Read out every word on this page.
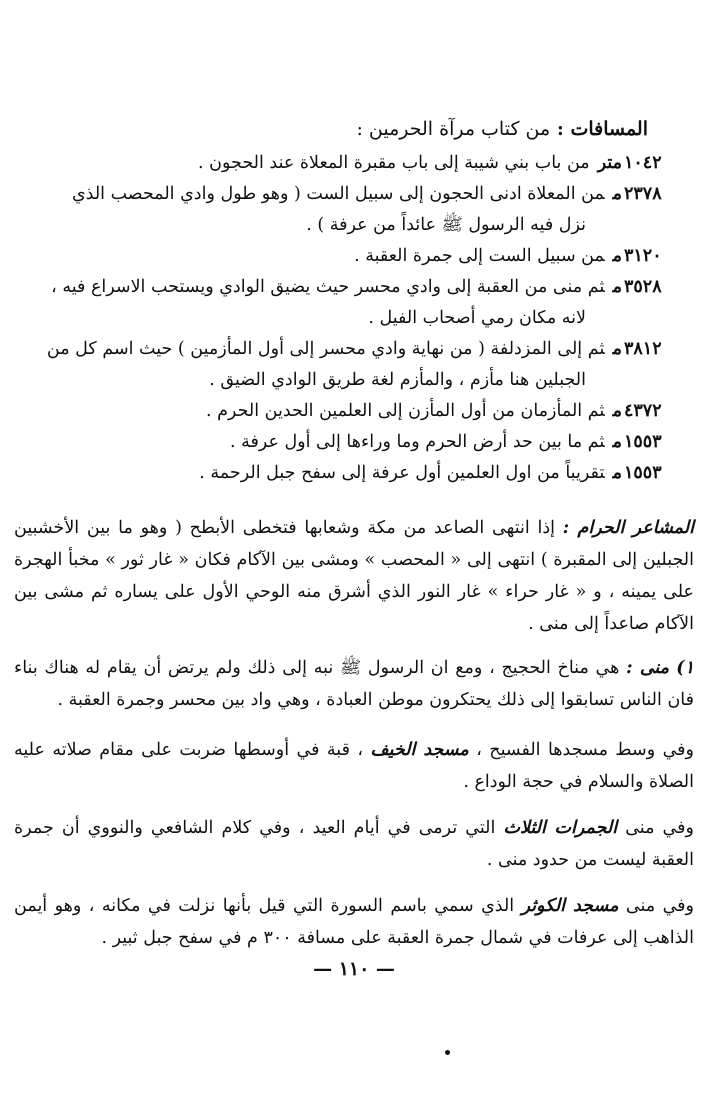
المسافات : من كتاب مرآة الحرمين :
١٠٤٢
مترمن باب بني شيبة إلى باب مقبرة المعلاة عند الحجون .
٢٣٧٨
ممن المعلاة ادنى الحجون إلى سبيل الست ( وهو طول وادي المحصب الذي
نزل فيه الرسول ﷺ عائداً من عرفة ) .
٣١٢٠
ممن سبيل الست إلى جمرة العقبة .
٣٥٢٨
مثم منى من العقبة إلى وادي محسر حيث يضيق الوادي ويستحب الاسراع فيه ،
لانه مكان رمي أصحاب الفيل .
٣٨١٢
مثم إلى المزدلفة ( من نهاية وادي محسر إلى أول المأزمين ) حيث اسم كل من
الجبلين هنا مأزم ، والمأزم لغة طريق الوادي الضيق .
٤٣٧٢
مثم المأزمان من أول المأزن إلى العلمين الحدين الحرم .
١٥٥٣
مثم ما بين حد أرض الحرم وما وراءها إلى أول عرفة .
١٥٥٣
متقريباً من اول العلمين أول عرفة إلى سفح جبل الرحمة .
المشاعر الحرام : إذا انتهى الصاعد من مكة وشعابها فتخطى الأبطح ( وهو ما بين الأخشبين الجبلين إلى المقبرة ) انتهى إلى « المحصب » ومشى بين الآكام فكان « غار ثور » مخبأ الهجرة على يمينه ، و « غار حراء » غار النور الذي أشرق منه الوحي الأول على يساره ثم مشى بين الآكام صاعداً إلى منى .
١) منى : هي مناخ الحجيج ، ومع ان الرسول ﷺ نبه إلى ذلك ولم يرتض أن يقام له هناك بناء فان الناس تسابقوا إلى ذلك يحتكرون موطن العبادة ، وهي واد بين محسر وجمرة العقبة .
وفي وسط مسجدها الفسيح ، مسجد الخيف ، قبة في أوسطها ضربت على مقام صلاته عليه الصلاة والسلام في حجة الوداع .
وفي منى الجمرات الثلاث التي ترمى في أيام العيد ، وفي كلام الشافعي والنووي أن جمرة العقبة ليست من حدود منى .
وفي منى مسجد الكوثر الذي سمي باسم السورة التي قيل بأنها نزلت في مكانه ، وهو أيمن الذاهب إلى عرفات في شمال جمرة العقبة على مسافة ٣٠٠ م في سفح جبل ثبير .
— ١١٠ —
